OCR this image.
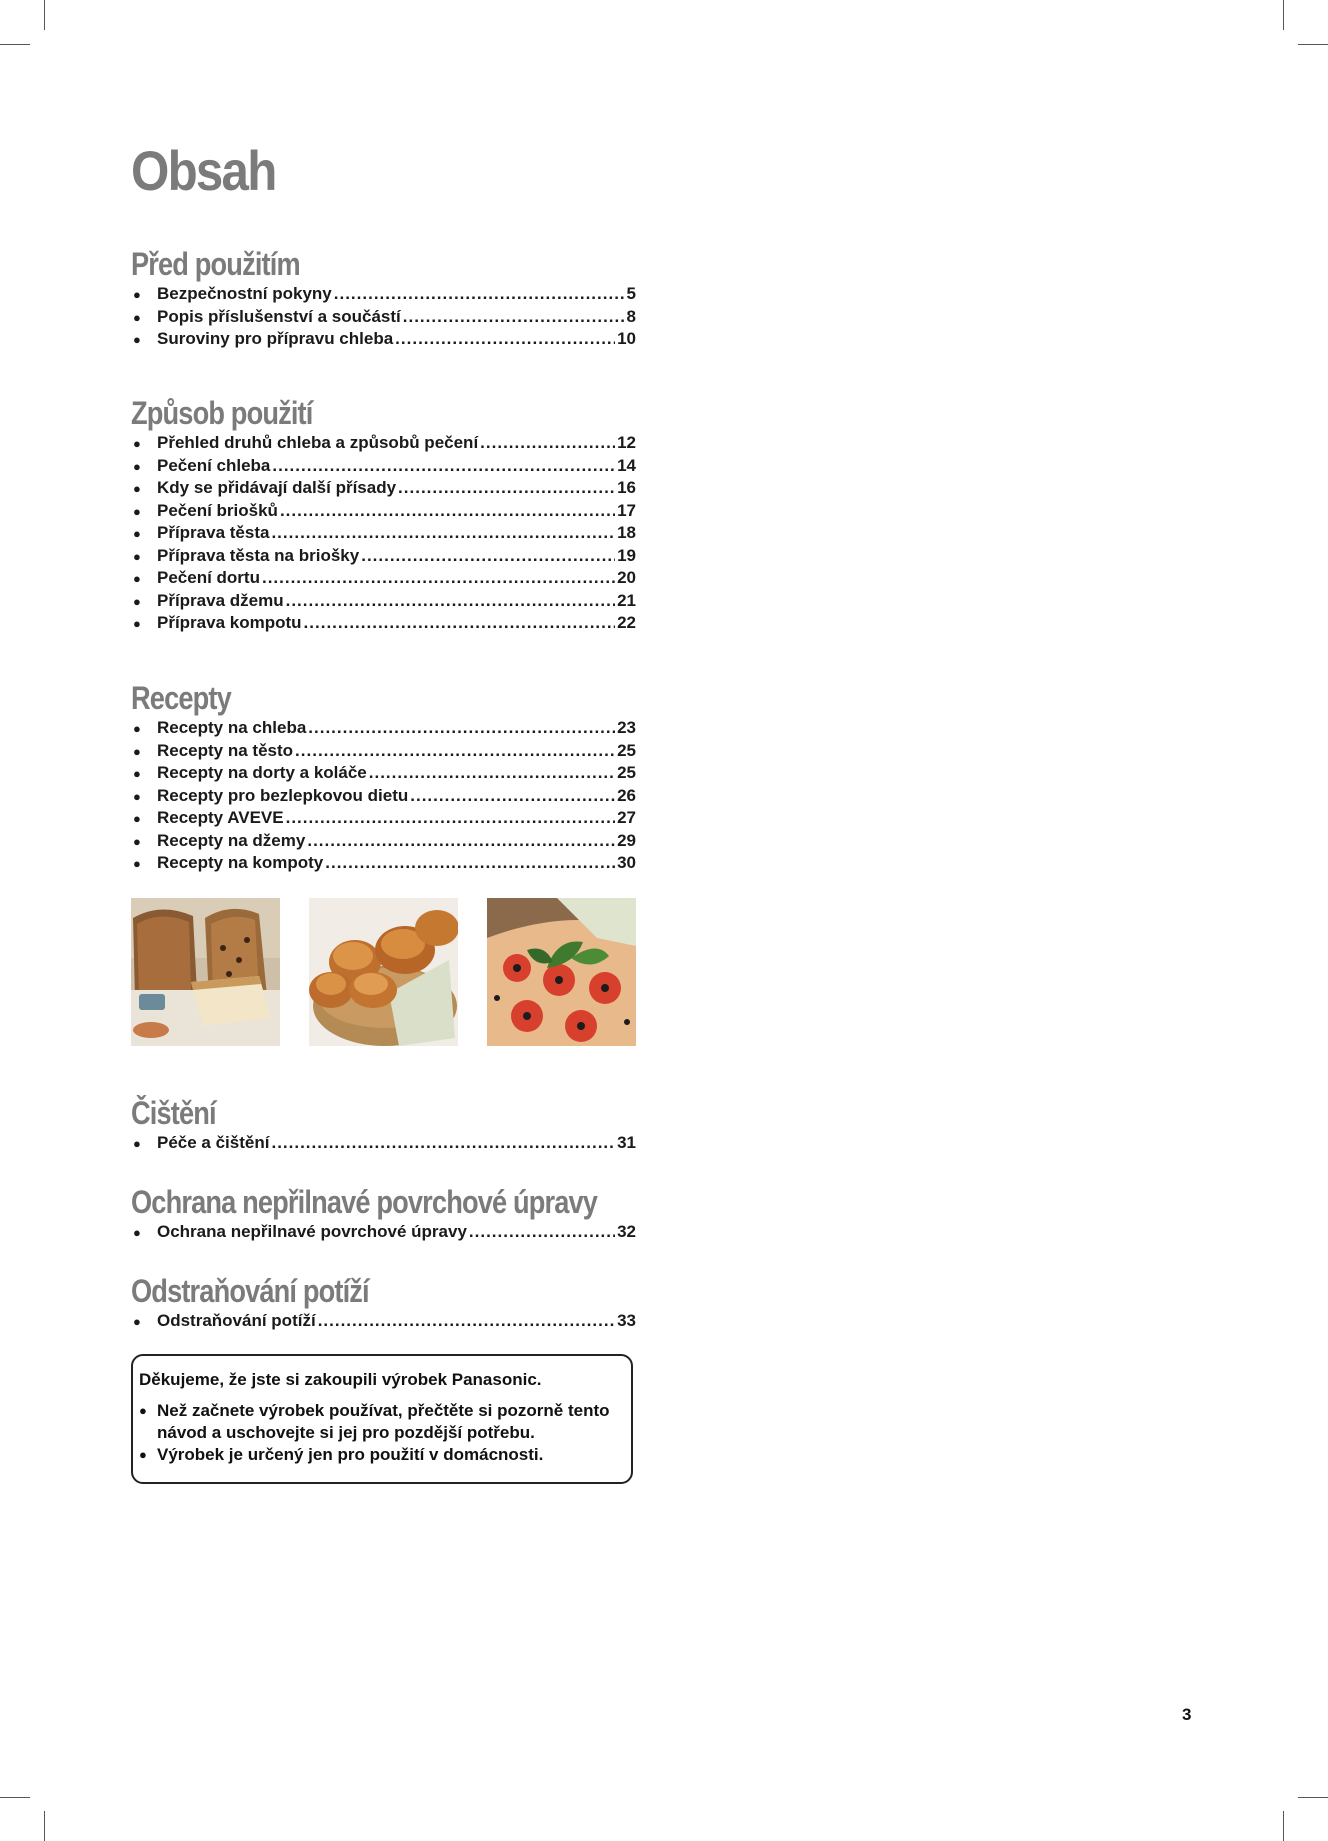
Obsah
Před použitím
● Bezpečnostní pokyny .....	5
● Popis příslušenství a součástí .....	8
● Suroviny pro přípravu chleba .....	10
Způsob použití
● Přehled druhů chleba a způsobů pečení .....	12
● Pečení chleba .....	14
● Kdy se přidávají další přísady .....	16
● Pečení briošků .....	17
● Příprava těsta .....	18
● Příprava těsta na briošky .....	19
● Pečení dortu .....	20
● Příprava džemu .....	21
● Příprava kompotu .....	22
Recepty
● Recepty na chleba .....	23
● Recepty na těsto .....	25
● Recepty na dorty a koláče .....	25
● Recepty pro bezlepkovou dietu .....	26
● Recepty AVEVE .....	27
● Recepty na džemy .....	29
● Recepty na kompoty .....	30
Čištění
● Péče a čištění .....	31
Ochrana nepřilnavé povrchové úpravy
● Ochrana nepřilnavé povrchové úpravy .....	32
Odstraňování potíží
● Odstraňování potíží .....	33

Děkujeme, že jste si zakoupili výrobek Panasonic.

● Než začnete výrobek používat, přečtěte si pozorně tento návod a uschovejte si jej pro pozdější potřebu.
● Výrobek je určený jen pro použití v domácnosti.
3
